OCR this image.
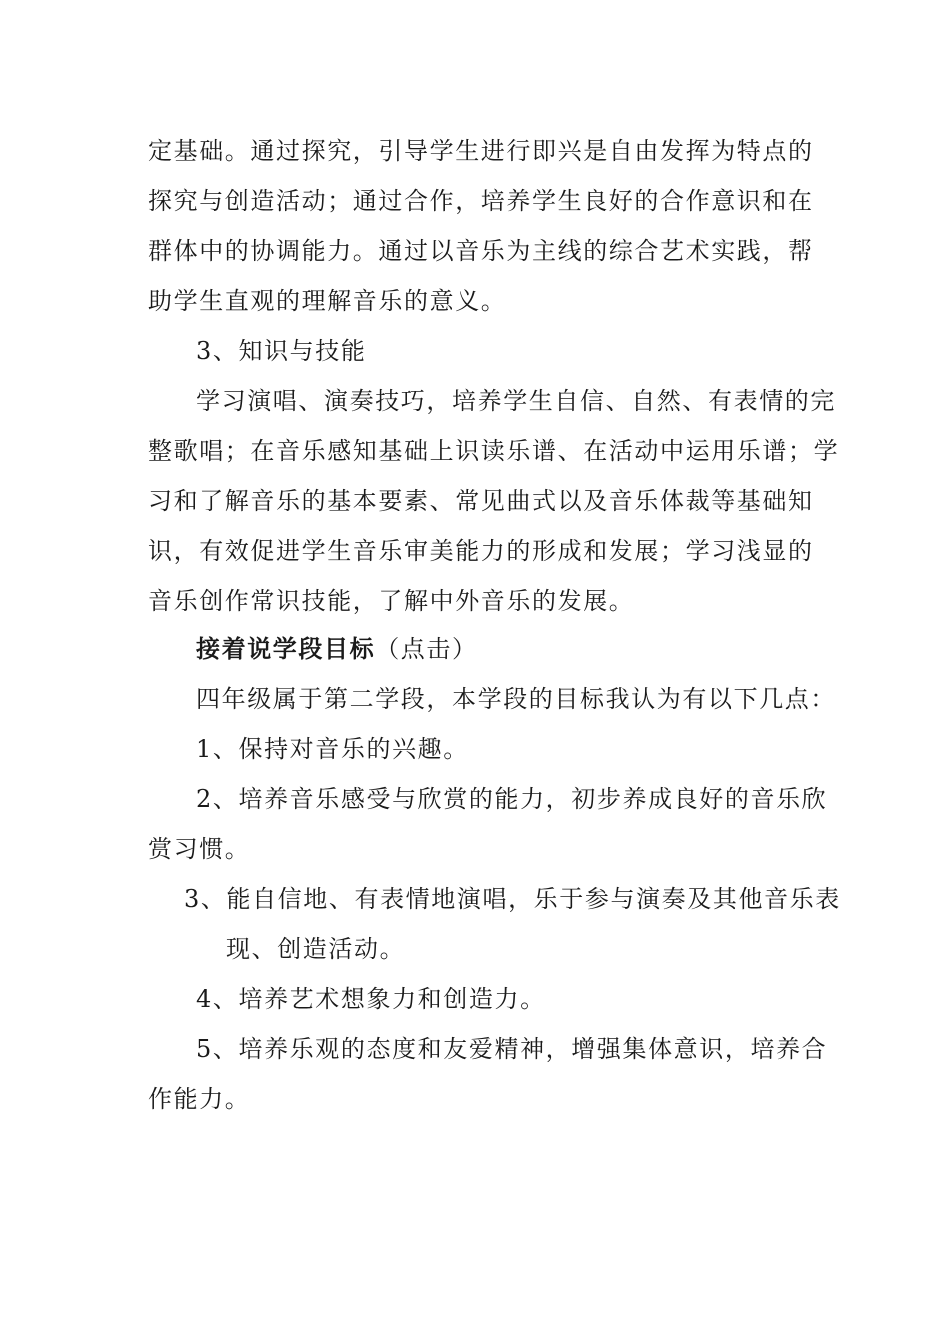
定基础。通过探究，引导学生进行即兴是自由发挥为特点的
探究与创造活动；通过合作，培养学生良好的合作意识和在
群体中的协调能力。通过以音乐为主线的综合艺术实践，帮
助学生直观的理解音乐的意义。
3、知识与技能
学习演唱、演奏技巧，培养学生自信、自然、有表情的完
整歌唱；在音乐感知基础上识读乐谱、在活动中运用乐谱；学
习和了解音乐的基本要素、常见曲式以及音乐体裁等基础知
识，有效促进学生音乐审美能力的形成和发展；学习浅显的
音乐创作常识技能，了解中外音乐的发展。
接着说学段目标（点击）
四年级属于第二学段，本学段的目标我认为有以下几点：
1、保持对音乐的兴趣。
2、培养音乐感受与欣赏的能力，初步养成良好的音乐欣
赏习惯。
3、能自信地、有表情地演唱，乐于参与演奏及其他音乐表
现、创造活动。
4、培养艺术想象力和创造力。
5、培养乐观的态度和友爱精神，增强集体意识，培养合
作能力。
